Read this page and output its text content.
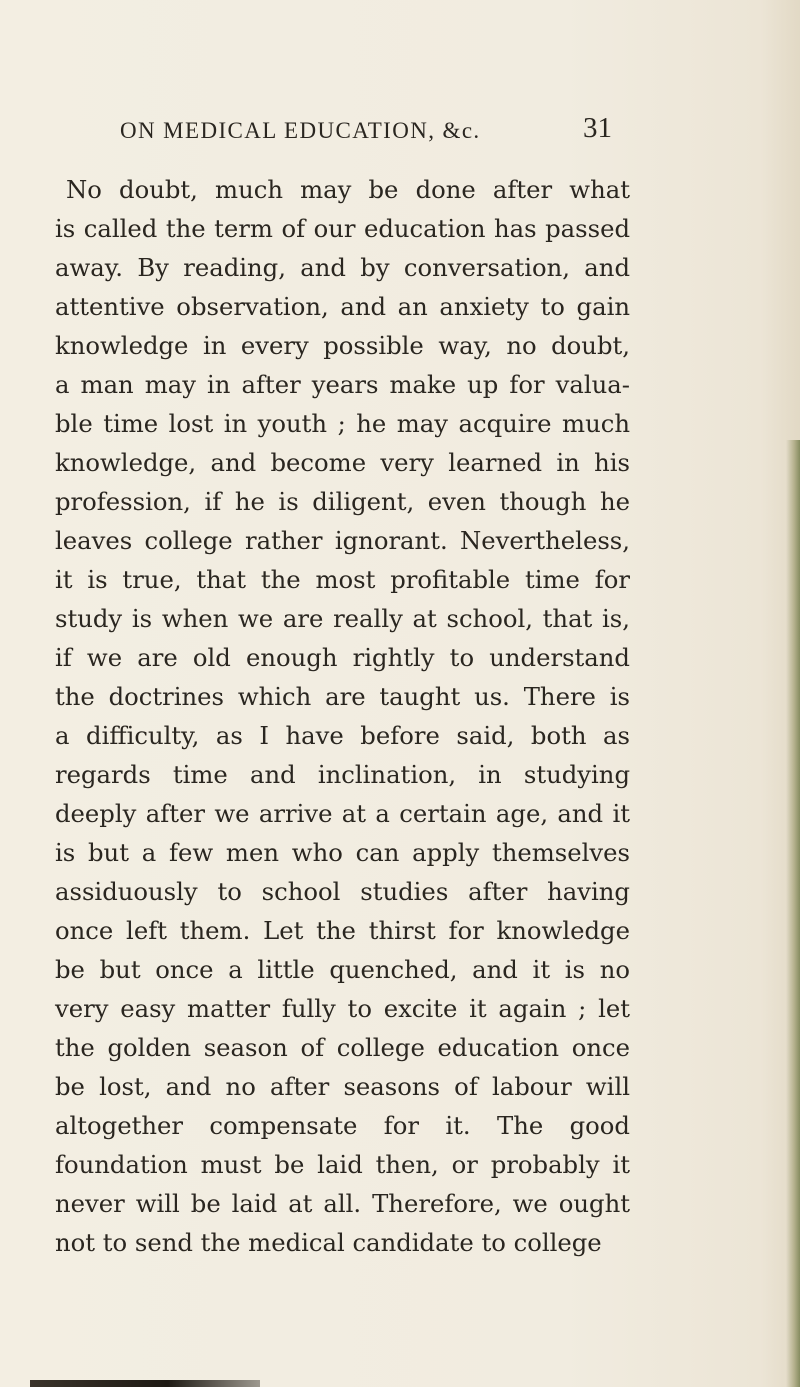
ON MEDICAL EDUCATION, &c.	31
No doubt, much may be done after what
is called the term of our education has passed
away. By reading, and by conversation, and
attentive observation, and an anxiety to gain
knowledge in every possible way, no doubt,
a man may in after years make up for valua-
ble time lost in youth ; he may acquire much
knowledge, and become very learned in his
profession, if he is diligent, even though he
leaves college rather ignorant. Nevertheless,
it is true, that the most profitable time for
study is when we are really at school, that is,
if we are old enough rightly to understand
the doctrines which are taught us. There is
a difficulty, as I have before said, both as
regards time and inclination, in studying
deeply after we arrive at a certain age, and it
is but a few men who can apply themselves
assiduously to school studies after having
once left them. Let the thirst for knowledge
be but once a little quenched, and it is no
very easy matter fully to excite it again ; let
the golden season of college education once
be lost, and no after seasons of labour will
altogether compensate for it. The good
foundation must be laid then, or probably it
never will be laid at all. Therefore, we ought
not to send the medical candidate to college
